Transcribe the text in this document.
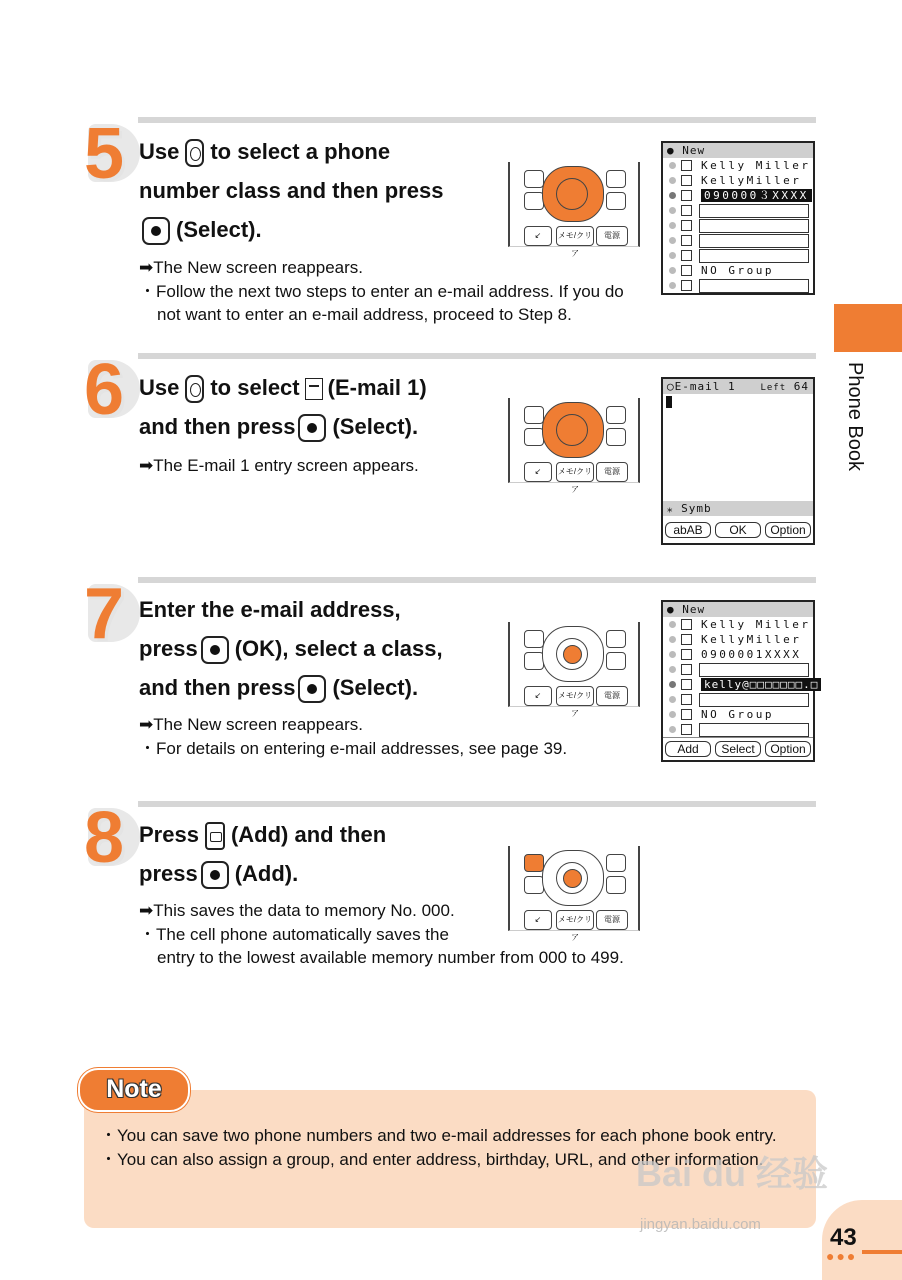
Phone Book
5 Use to select a phone
number class and then press
(Select).
➡The New screen reappears.
・Follow the next two steps to enter an e-mail address. If you do not want to enter an e-mail address, proceed to Step 8.
↙	メモ/クリア
電源
● New
Kelly Miller
KellyMiller
090000３XXXX
NO Group
6 Use to select (E-mail 1)
and then press (Select).
➡The E-mail 1 entry screen appears.	↙	メモ/クリア
電源
◯E-mail 1	Left 64
⁎ Symb
abAB	OK	Option
7 Enter the e-mail address,
press (OK), select a class,
and then press (Select).
➡The New screen reappears.
・For details on entering e-mail addresses, see page 39.
↙	メモ/クリア
電源
● New
Kelly Miller
KellyMiller
0900001XXXX
kelly@□□□□□□□.□
NO Group
Add	Select	Option
8 Press (Add) and then
press (Add).
➡This saves the data to memory No. 000.
・The cell phone automatically saves the
entry to the lowest available memory number from 000 to 499.
↙	メモ/クリア
電源
Note
・You can save two phone numbers and two e-mail addresses for each phone book entry.
・You can also assign a group, and enter address, birthday, URL, and other information.
Bai du 经验
jingyan.baidu.com	43
●●●
